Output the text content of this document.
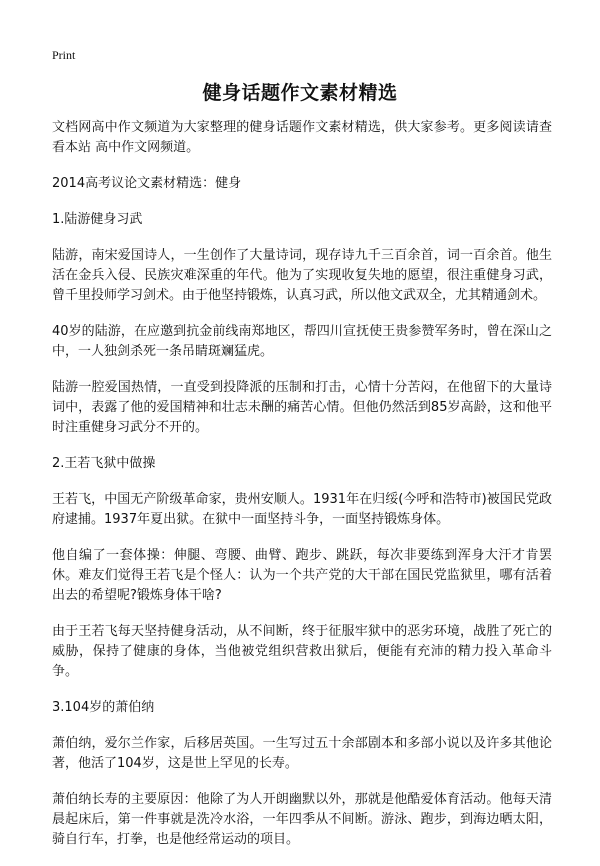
Print
健身话题作文素材精选

文档网高中作文频道为大家整理的健身话题作文素材精选，供大家参考。更多阅读请查看本站 高中作文网频道。

2014高考议论文素材精选：健身

1.陆游健身习武

陆游，南宋爱国诗人，一生创作了大量诗词，现存诗九千三百余首，词一百余首。他生活在金兵入侵、民族灾难深重的年代。他为了实现收复失地的愿望，很注重健身习武，曾千里投师学习剑术。由于他坚持锻炼，认真习武，所以他文武双全，尤其精通剑术。

40岁的陆游，在应邀到抗金前线南郑地区，帮四川宣抚使王贵参赞军务时，曾在深山之中，一人独剑杀死一条吊睛斑斓猛虎。

陆游一腔爱国热情，一直受到投降派的压制和打击，心情十分苦闷，在他留下的大量诗词中，表露了他的爱国精神和壮志未酬的痛苦心情。但他仍然活到85岁高龄，这和他平时注重健身习武分不开的。

2.王若飞狱中做操

王若飞，中国无产阶级革命家，贵州安顺人。1931年在归绥(今呼和浩特市)被国民党政府逮捕。1937年夏出狱。在狱中一面坚持斗争，一面坚持锻炼身体。

他自编了一套体操：伸腿、弯腰、曲臂、跑步、跳跃，每次非要练到浑身大汗才肯罢休。难友们觉得王若飞是个怪人：认为一个共产党的大干部在国民党监狱里，哪有活着出去的希望呢?锻炼身体干啥?

由于王若飞每天坚持健身活动，从不间断，终于征服牢狱中的恶劣环境，战胜了死亡的威胁，保持了健康的身体，当他被党组织营救出狱后，便能有充沛的精力投入革命斗争。

3.104岁的萧伯纳

萧伯纳，爱尔兰作家，后移居英国。一生写过五十余部剧本和多部小说以及许多其他论著，他活了104岁，这是世上罕见的长寿。

萧伯纳长寿的主要原因：他除了为人开朗幽默以外，那就是他酷爱体育活动。他每天清晨起床后，第一件事就是洗冷水浴，一年四季从不间断。游泳、跑步，到海边晒太阳，骑自行车，打拳，也是他经常运动的项目。
